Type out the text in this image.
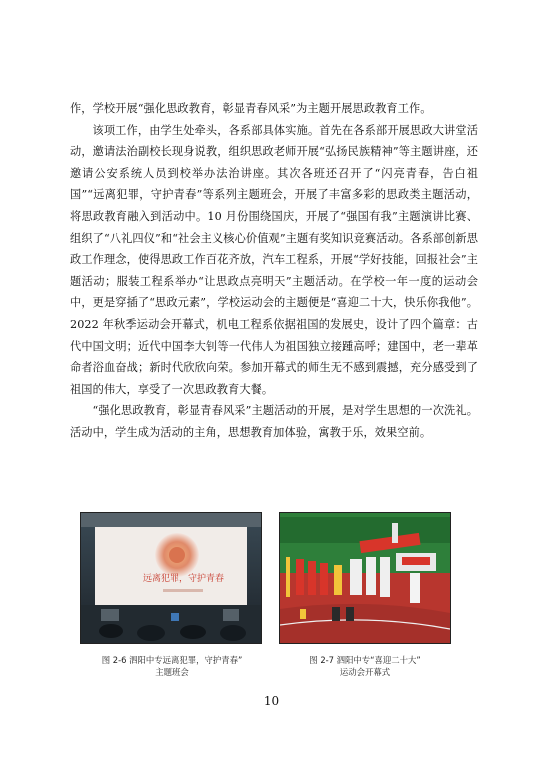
作，学校开展“强化思政教育，彰显青春风采”为主题开展思政教育工作。

该项工作，由学生处牵头，各系部具体实施。首先在各系部开展思政大讲堂活动，邀请法治副校长现身说教，组织思政老师开展“弘扬民族精神”等主题讲座，还邀请公安系统人员到校举办法治讲座。其次各班还召开了“闪亮青春，告白祖国”“远离犯罪，守护青春”等系列主题班会，开展了丰富多彩的思政类主题活动，将思政教育融入到活动中。10 月份围绕国庆，开展了“强国有我”主题演讲比赛、组织了“八礼四仪”和“社会主义核心价值观”主题有奖知识竞赛活动。各系部创新思政工作理念，使得思政工作百花齐放，汽车工程系，开展“学好技能，回报社会”主题活动；服装工程系举办“让思政点亮明天”主题活动。在学校一年一度的运动会中，更是穿插了“思政元素”，学校运动会的主题便是“喜迎二十大，快乐你我他”。2022 年秋季运动会开幕式，机电工程系依据祖国的发展史，设计了四个篇章：古代中国文明；近代中国李大钊等一代伟人为祖国独立接踵高呼；建国中，老一辈革命者浴血奋战；新时代欣欣向荣。参加开幕式的师生无不感到震撼，充分感受到了祖国的伟大，享受了一次思政教育大餐。

“强化思政教育，彰显青春风采”主题活动的开展，是对学生思想的一次洗礼。活动中，学生成为活动的主角，思想教育加体验，寓教于乐，效果空前。

远离犯罪，守护青春
图 2-6 泗阳中专远离犯罪，守护青春”
主题班会
图 2-7 泗阳中专“喜迎二十大”
运动会开幕式
10
